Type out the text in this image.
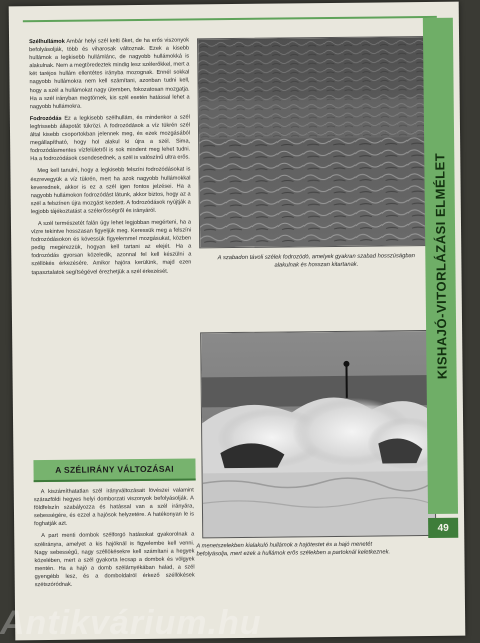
Szélhullámok Ambár helyi szél kelti őket, de ha erős viszonyok befolyásolják, több és viharosak változnak. Ezek a kisebb hullámok a legkisebb hullámlánc, de nagyobb hullámokká is alakulnak. Nem a megtöredeztek mindig lesz szélerőkkel, mert a két taréjos hullám ellentétes irányba mozognak. Ennél sokkal nagyobb hullámokra nem kell számítani, azonban tudni kell, hogy a szél a hullámokat nagy ütemben, fokozatosan mozgatja. Ha a szél irányban megtörnek, kis szél esetén hatással lehet a nagyobb hullámokra.

Fodrozódás Ez a legkisebb szélhullám, és mindenkor a szél legfrissebb állapotát tükrözi. A fodrozódások a víz tükrén szél által kisebb csoportokban jelennek meg, és ezek mozgásából megállapítható, hogy hol alakul ki újra a szél. Sima, fodrozódásmentes vízfelületről is sok mindent meg lehet tudni. Ha a fodrozódások csendesednek, a szél is valószínű ultra erős.

Meg kell tanulni, hogy a legkisebb felszíni fodrozódásokat is észrevegyük a víz tükrén, mert ha azok nagyobb hullámokkal keverednek, akkor is ez a szél igen fontos jelzései. Ha a nagyobb hullámokon fodrozódást látunk, akkor biztos, hogy az a szél a felszínen újra mozgást kezdett. A fodrozódások nyújtják a legjobb tájékoztatást a szélerősségről és irányáról.

A szél természetét falán úgy lehet legjobban megérteni, ha a vízre tekintve hosszasan figyeljük meg. Keressük meg a felszíni fodrozódásokon és kövessük figyelemmel mozgásukat, közben pedig megérezzük, hogyan kell tartani az elejét. Ha a fodrozódás gyorsan közeledik, azonnal fel kell készülni a széllökés érkezésére. Amikor hajóra kerülünk, majd ezen tapasztalatok segítségével érezhetjük a szél érkezését.

A SZÉLIRÁNY VÁLTOZÁSAI

A kiszámíthatatlan szél irányváltozásait lövészei valamint szárazföldi hegyes helyi domborzati viszonyok befolyásolják. A földfelszín szabályozza és hatással van a szél irányára, sebességére, és ezzel a hajósok helyzetére. A hatékonyan le is foghatják azt.

A part menti dombok szélforgó hatásokat gyakorolnak a szélirányra, amelyet a kis hajóknál is figyelembe kell venni. Nagy sebességű, nagy széllökésekre kell számítani a hegyek közelében, mert a szél gyakorta lecsap a dombok és völgyek mentén. Ha a hajó a domb szélárnyékában halad, a szél gyengébb lesz, és a domboldalról érkező széllökések szétszóródnak.

A szabadon távoli szélek fodrozódó, amelyek gyakran szabad hosszúságban alakulnak és hosszan kitartanak.
A menetszelekben kialakuló hullámok a hajótestet és a hajó menetét befolyásolja, mert ezek a hullámok erős szélekben a partoknál keletkeznek.
KISHAJÓ-VITORLÁZÁSI ELMÉLET
49
Antikvárium.hu
